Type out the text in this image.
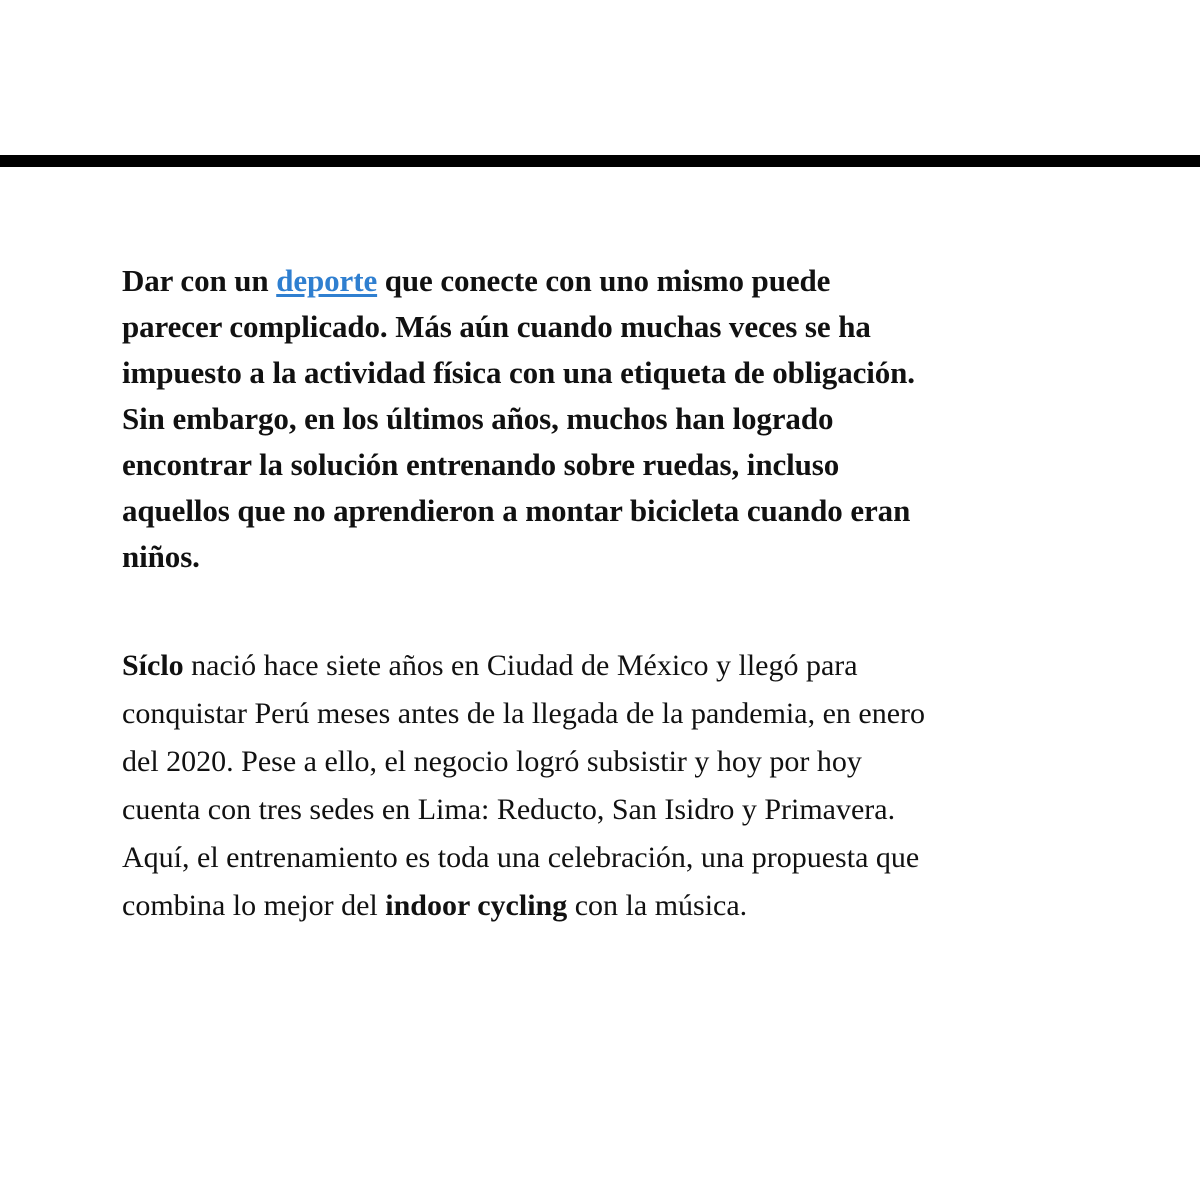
Dar con un deporte que conecte con uno mismo puede parecer complicado. Más aún cuando muchas veces se ha impuesto a la actividad física con una etiqueta de obligación. Sin embargo, en los últimos años, muchos han logrado encontrar la solución entrenando sobre ruedas, incluso aquellos que no aprendieron a montar bicicleta cuando eran niños.

Síclo nació hace siete años en Ciudad de México y llegó para conquistar Perú meses antes de la llegada de la pandemia, en enero del 2020. Pese a ello, el negocio logró subsistir y hoy por hoy cuenta con tres sedes en Lima: Reducto, San Isidro y Primavera. Aquí, el entrenamiento es toda una celebración, una propuesta que combina lo mejor del indoor cycling con la música.
